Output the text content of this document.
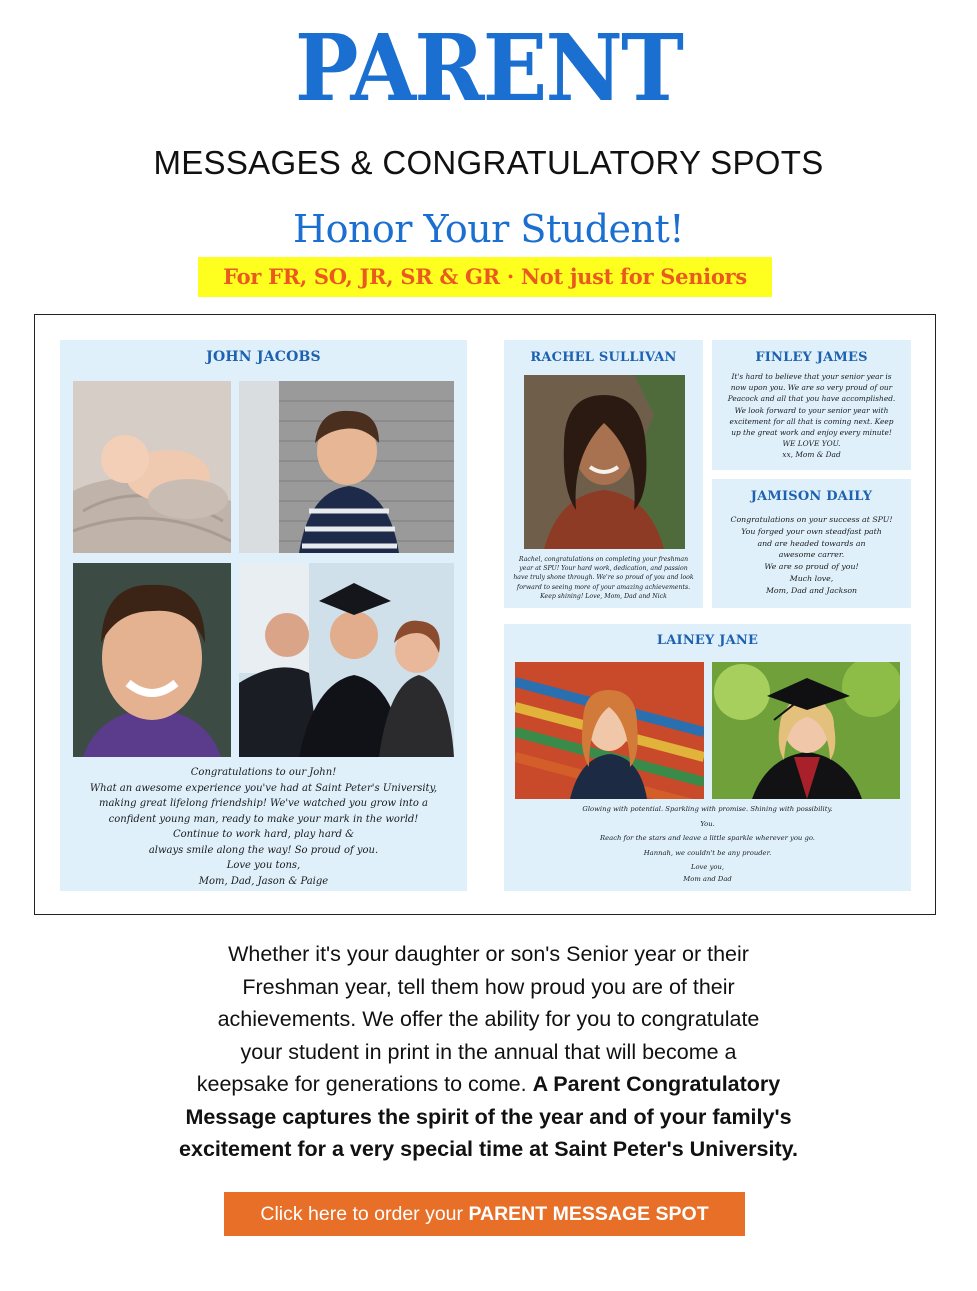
PARENT
MESSAGES & CONGRATULATORY SPOTS
Honor Your Student!
For FR, SO, JR, SR & GR · Not just for Seniors
JOHN JACOBS
Congratulations to our John!
What an awesome experience you've had at Saint Peter's University,
making great lifelong friendship! We've watched you grow into a
confident young man, ready to make your mark in the world!
Continue to work hard, play hard &
always smile along the way! So proud of you.
Love you tons,
Mom, Dad, Jason & Paige
RACHEL SULLIVAN
Rachel, congratulations on completing your freshman
year at SPU! Your hard work, dedication, and passion
have truly shone through. We're so proud of you and look
forward to seeing more of your amazing achievements.
Keep shining! Love, Mom, Dad and Nick
FINLEY JAMES
It's hard to believe that your senior year is
now upon you. We are so very proud of our
Peacock and all that you have accomplished.
We look forward to your senior year with
excitement for all that is coming next. Keep
up the great work and enjoy every minute!
WE LOVE YOU.
xx, Mom & Dad
JAMISON DAILY
Congratulations on your success at SPU!
You forged your own steadfast path
and are headed towards an
awesome carrer.
We are so proud of you!
Much love,
Mom, Dad and Jackson
LAINEY JANE
Glowing with potential. Sparkling with promise. Shining with possibility.
You.
Reach for the stars and leave a little sparkle wherever you go.
Hannah, we couldn't be any prouder.
Love you,
Mom and Dad
Whether it's your daughter or son's Senior year or their
Freshman year, tell them how proud you are of their
achievements. We offer the ability for you to congratulate
your student in print in the annual that will become a
keepsake for generations to come. A Parent Congratulatory
Message captures the spirit of the year and of your family's
excitement for a very special time at Saint Peter's University.
Click here to order your PARENT MESSAGE SPOT
